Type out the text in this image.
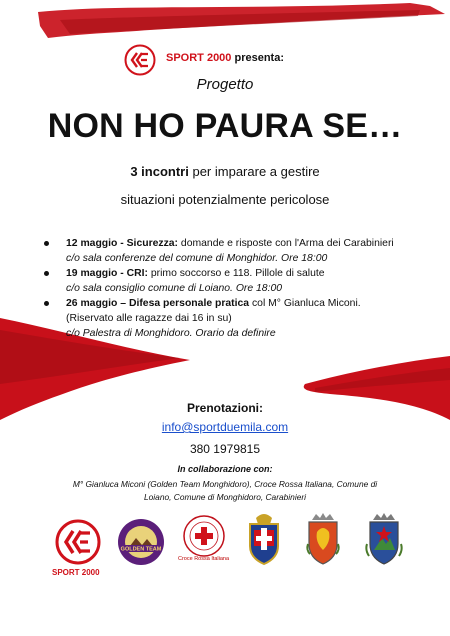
SPORT 2000 presenta:
Progetto
NON HO PAURA SE…
3 incontri per imparare a gestire
situazioni potenzialmente pericolose
12 maggio - Sicurezza: domande e risposte con l'Arma dei Carabinieri
c/o sala conferenze del comune di Monghidor. Ore 18:00
19 maggio - CRI: primo soccorso e 118. Pillole di salute
c/o sala consiglio comune di Loiano. Ore 18:00
26 maggio – Difesa personale pratica col M° Gianluca Miconi.
(Riservato alle ragazze dai 16 in su)
c/o Palestra di Monghidoro. Orario da definire
Prenotazioni:
info@sportduemila.com
380 1979815
In collaborazione con:
M° Gianluca Miconi (Golden Team Monghidoro), Croce Rossa Italiana, Comune di Loiano, Comune di Monghidoro, Carabinieri
SPORT 2000
GOLDEN TEAM
Croce Rossa Italiana
